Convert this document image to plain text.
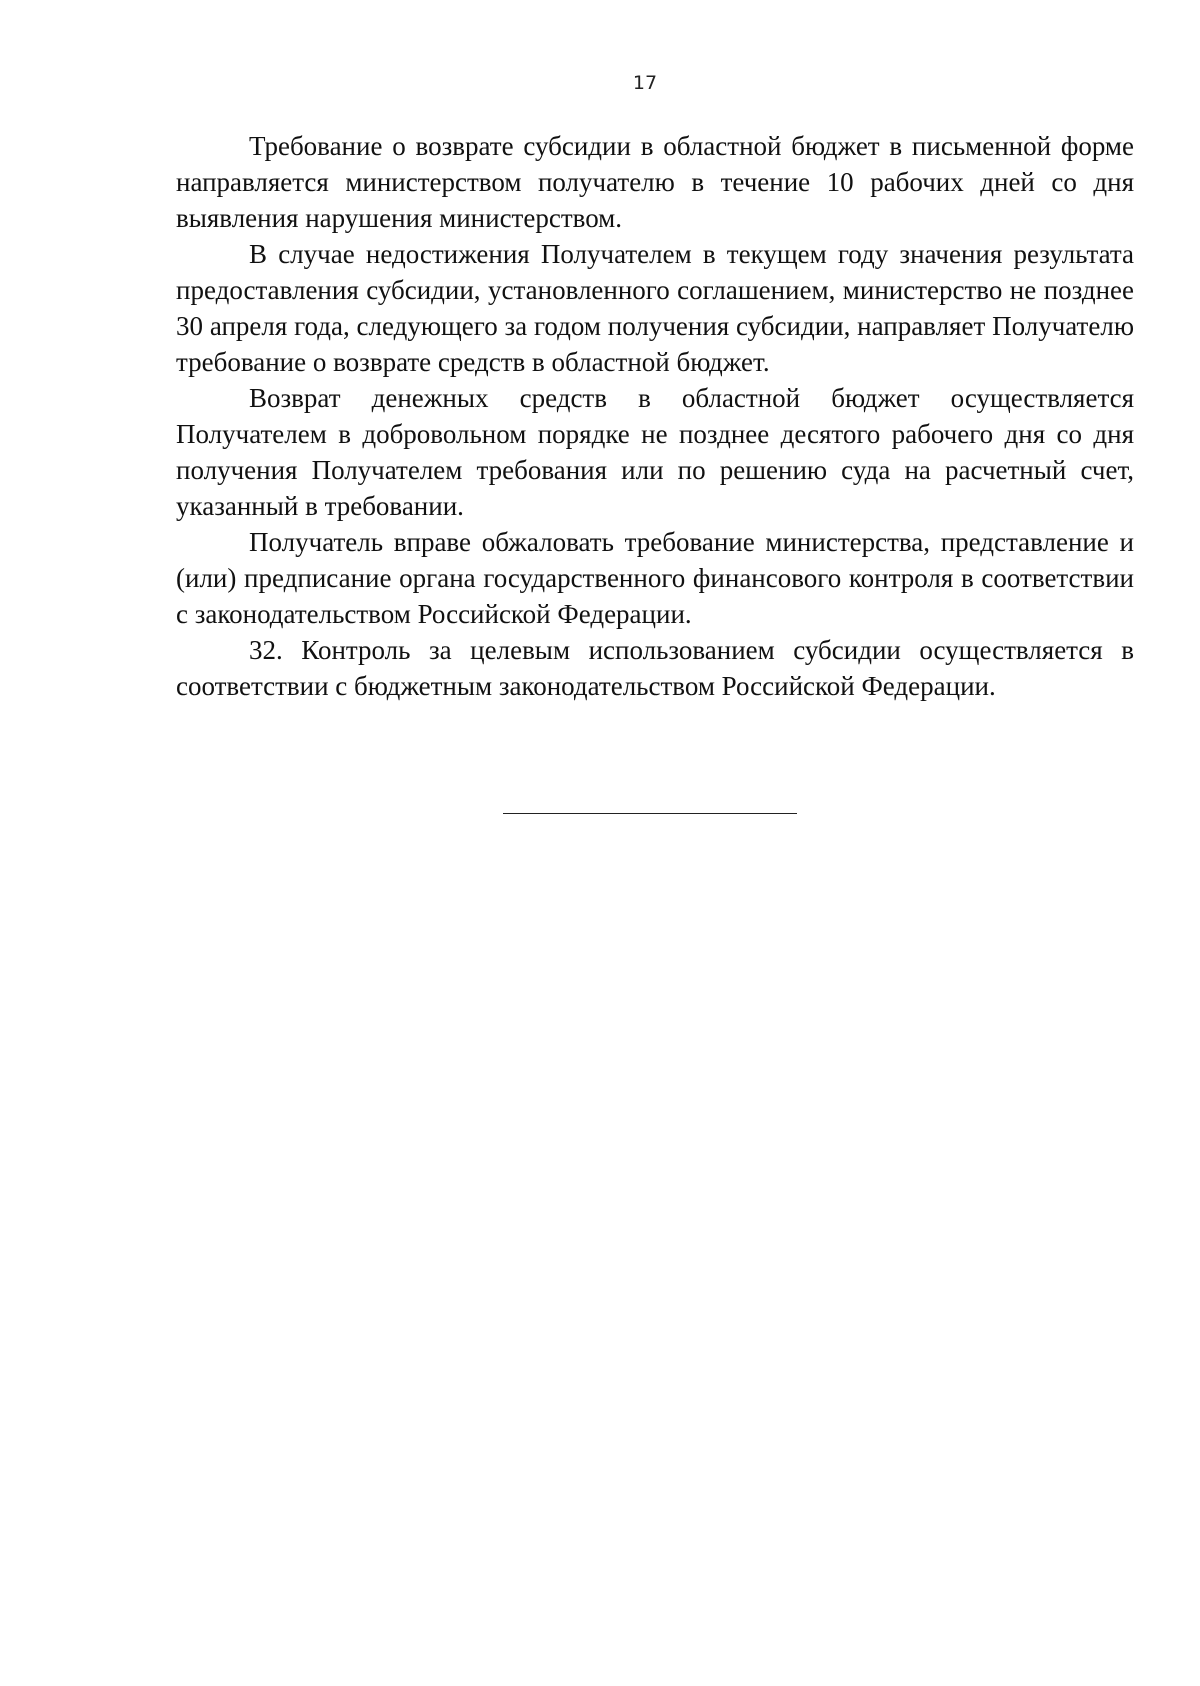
17

Требование о возврате субсидии в областной бюджет в письменной форме направляется министерством получателю в течение 10 рабочих дней со дня выявления нарушения министерством.

В случае недостижения Получателем в текущем году значения результата предоставления субсидии, установленного соглашением, министерство не позднее 30 апреля года, следующего за годом получения субсидии, направляет Получателю требование о возврате средств в областной бюджет.

Возврат денежных средств в областной бюджет осуществляется Получателем в добровольном порядке не позднее десятого рабочего дня со дня получения Получателем требования или по решению суда на расчетный счет, указанный в требовании.

Получатель вправе обжаловать требование министерства, представление и (или) предписание органа государственного финансового контроля в соответствии с законодательством Российской Федерации.

32. Контроль за целевым использованием субсидии осуществляется в соответствии с бюджетным законодательством Российской Федерации.
